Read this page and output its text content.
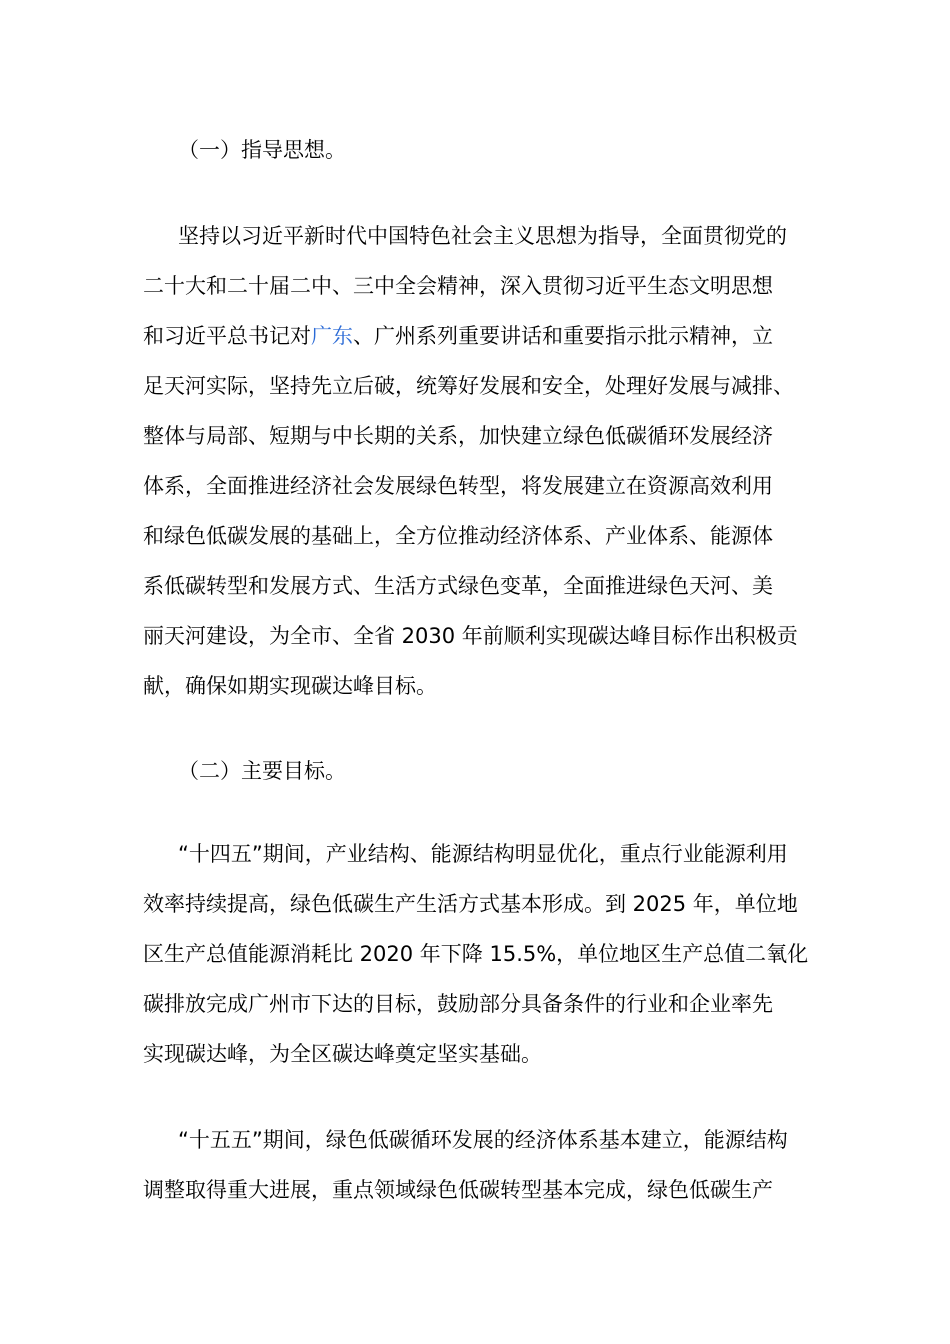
（一）指导思想。
坚持以习近平新时代中国特色社会主义思想为指导，全面贯彻党的
二十大和二十届二中、三中全会精神，深入贯彻习近平生态文明思想
和习近平总书记对广东、广州系列重要讲话和重要指示批示精神，立
足天河实际，坚持先立后破，统筹好发展和安全，处理好发展与减排、
整体与局部、短期与中长期的关系，加快建立绿色低碳循环发展经济
体系，全面推进经济社会发展绿色转型，将发展建立在资源高效利用
和绿色低碳发展的基础上，全方位推动经济体系、产业体系、能源体
系低碳转型和发展方式、生活方式绿色变革，全面推进绿色天河、美
丽天河建设，为全市、全省 2030 年前顺利实现碳达峰目标作出积极贡
献，确保如期实现碳达峰目标。
（二）主要目标。
“十四五”期间，产业结构、能源结构明显优化，重点行业能源利用
效率持续提高，绿色低碳生产生活方式基本形成。到 2025 年，单位地
区生产总值能源消耗比 2020 年下降 15.5%，单位地区生产总值二氧化
碳排放完成广州市下达的目标，鼓励部分具备条件的行业和企业率先
实现碳达峰，为全区碳达峰奠定坚实基础。
“十五五”期间，绿色低碳循环发展的经济体系基本建立，能源结构
调整取得重大进展，重点领域绿色低碳转型基本完成，绿色低碳生产
